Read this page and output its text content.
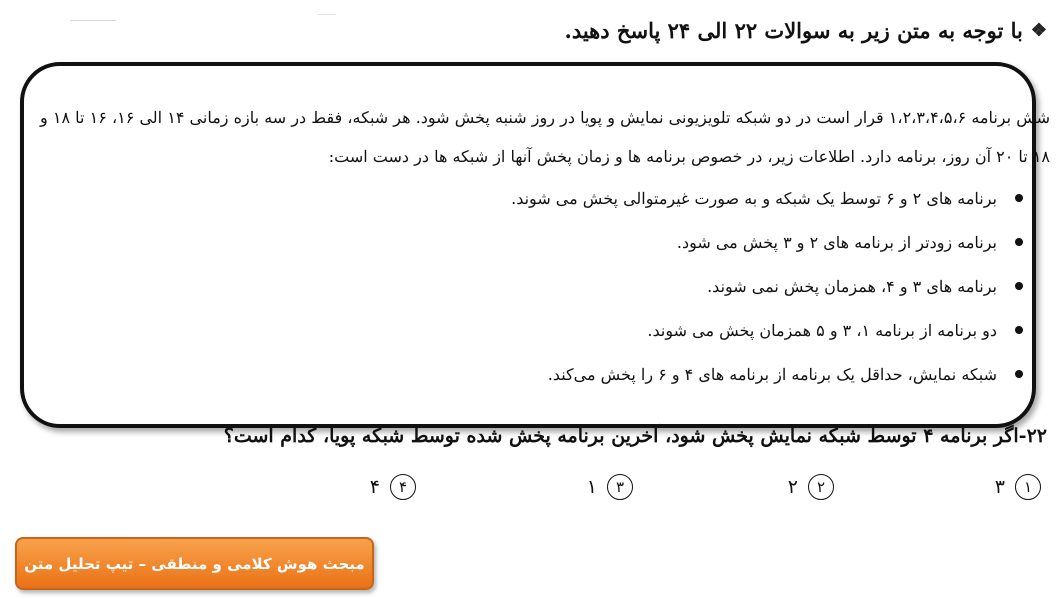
❖
با توجه به متن زیر به سوالات ۲۲ الی ۲۴ پاسخ دهید.

شش برنامه ۱،۲،۳،۴،۵،۶ قرار است در دو شبکه تلویزیونی نمایش و پویا در روز شنبه پخش شود. هر شبکه، فقط در سه بازه زمانی ۱۴ الی ۱۶، ۱۶ تا ۱۸ و ۱۸ تا ۲۰ آن روز، برنامه دارد. اطلاعات زیر، در خصوص برنامه ها و زمان پخش آنها از شبکه ها در دست است:

برنامه های ۲ و ۶ توسط یک شبکه و به صورت غیرمتوالی پخش می شوند.
برنامه زودتر از برنامه های ۲ و ۳ پخش می شود.
برنامه های ۳ و ۴، همزمان پخش نمی شوند.
دو برنامه از برنامه ۱، ۳ و ۵ همزمان پخش می شوند.
شبکه نمایش، حداقل یک برنامه از برنامه های ۴ و ۶ را پخش می‌کند.
۲۲-اگر برنامه ۴ توسط شبکه نمایش پخش شود، آخرین برنامه پخش شده توسط شبکه پویا، کدام است؟
۱
۳
۲
۲
۳
۱
۴
۴
مبحث هوش کلامی و منطقی – تیپ تحلیل متن
